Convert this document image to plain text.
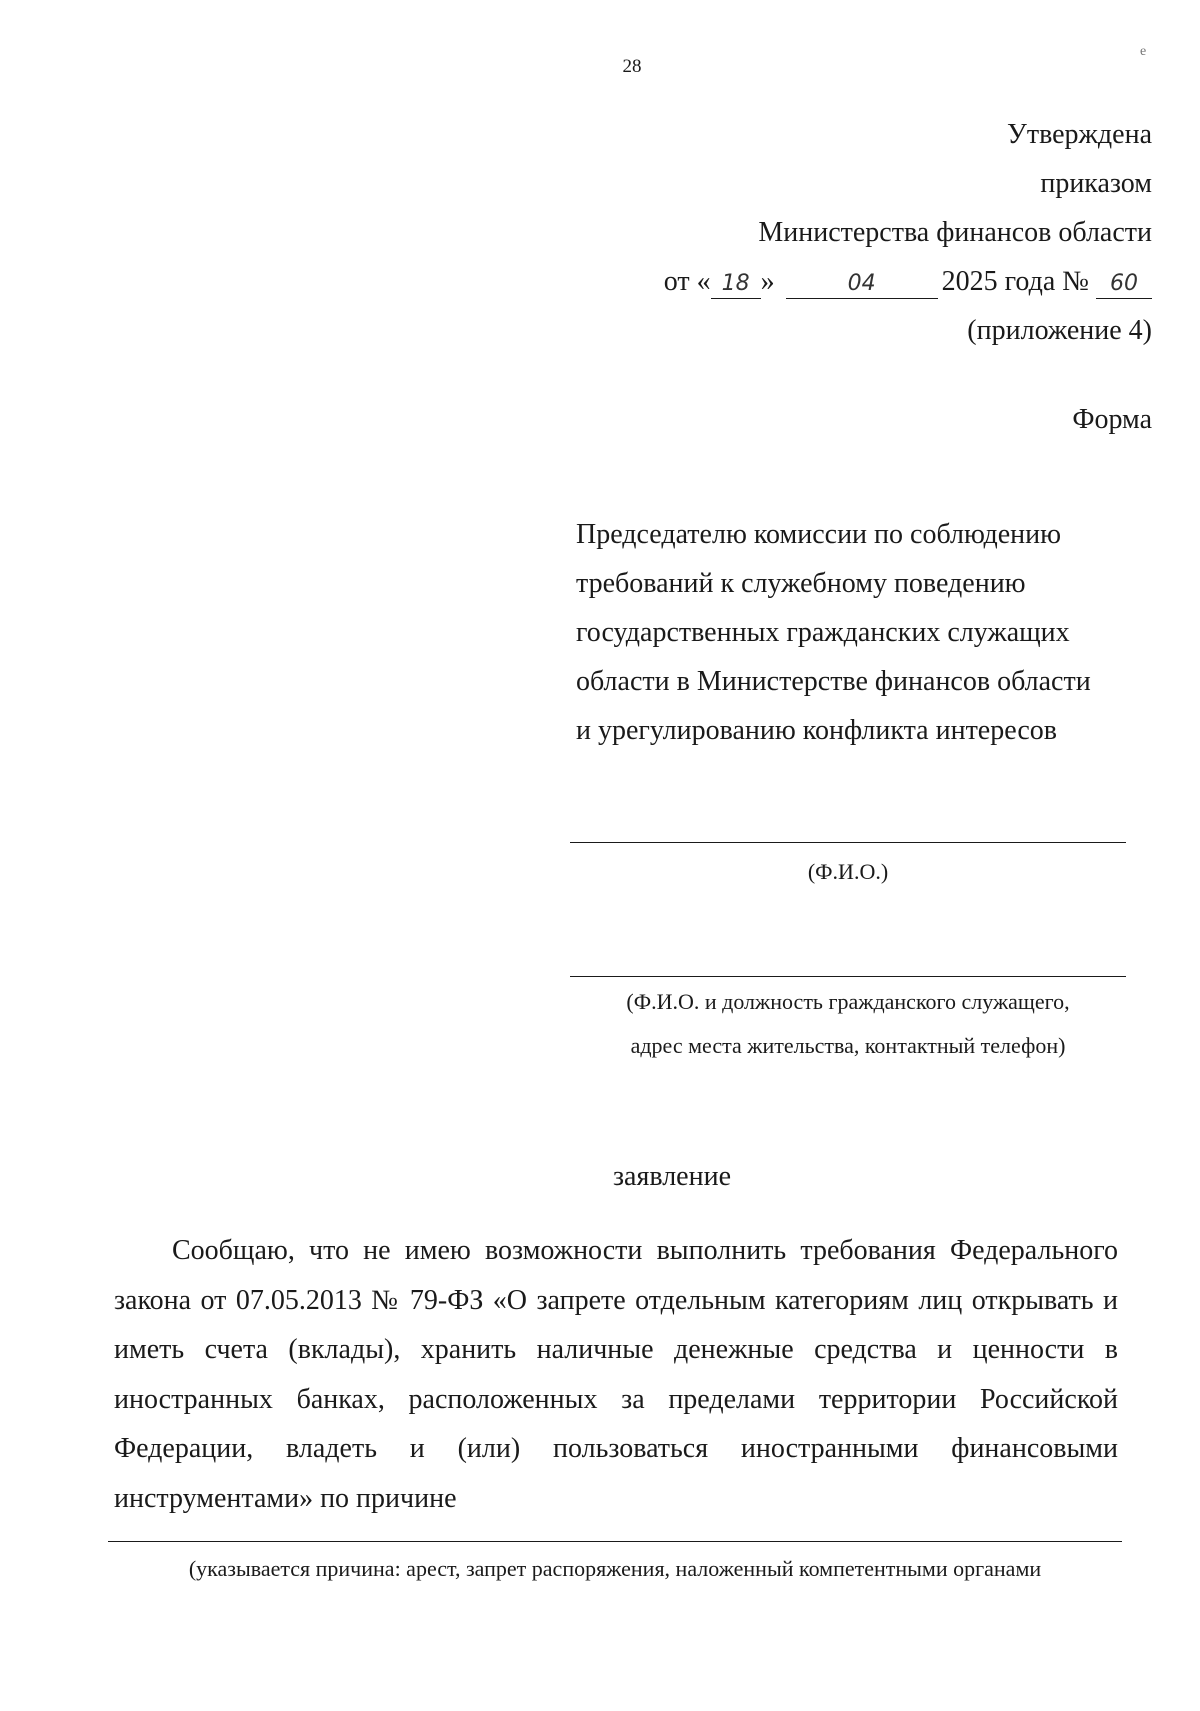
28
e
Утверждена
приказом
Министерства финансов области
от « 18 »	04 2025 года № 60
(приложение 4)
Форма
Председателю комиссии по соблюдению
требований к служебному поведению
государственных гражданских служащих
области в Министерстве финансов области
и урегулированию конфликта интересов
(Ф.И.О.)
(Ф.И.О. и должность гражданского служащего,
адрес места жительства, контактный телефон)
заявление
Сообщаю, что не имею возможности выполнить требования Федерального закона от 07.05.2013 № 79-ФЗ «О запрете отдельным категориям лиц открывать и иметь счета (вклады), хранить наличные денежные средства и ценности в иностранных банках, расположенных за пределами территории Российской Федерации, владеть и (или) пользоваться иностранными финансовыми инструментами» по причине
(указывается причина: арест, запрет распоряжения, наложенный компетентными органами
